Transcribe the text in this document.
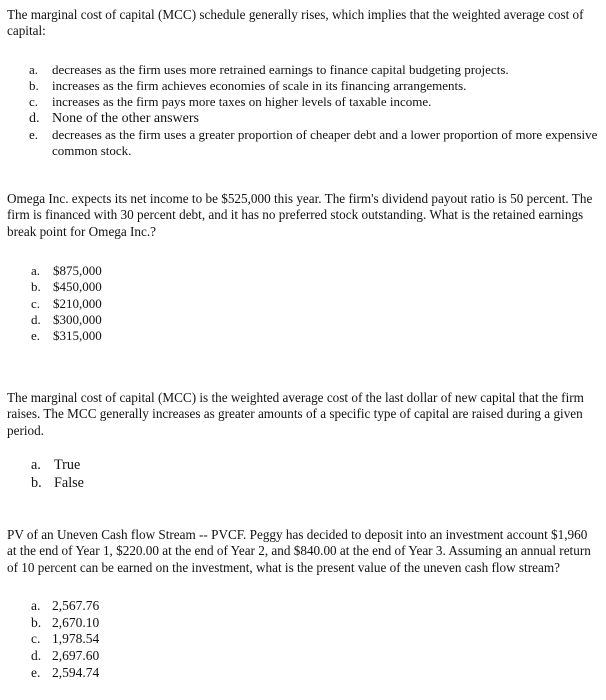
The marginal cost of capital (MCC) schedule generally rises, which implies that the weighted average cost of capital:

a.	decreases as the firm uses more retrained earnings to finance capital budgeting projects.
b.	increases as the firm achieves economies of scale in its financing arrangements.
c.	increases as the firm pays more taxes on higher levels of taxable income.
d. None of the other answers
e.	decreases as the firm uses a greater proportion of cheaper debt and a lower proportion of more expensive common stock.

Omega Inc. expects its net income to be $525,000 this year. The firm's dividend payout ratio is 50 percent. The firm is financed with 30 percent debt, and it has no preferred stock outstanding. What is the retained earnings break point for Omega Inc.?

a. $875,000
b. $450,000
c. $210,000
d. $300,000
e. $315,000

The marginal cost of capital (MCC) is the weighted average cost of the last dollar of new capital that the firm raises. The MCC generally increases as greater amounts of a specific type of capital are raised during a given period.

a. True
b. False

PV of an Uneven Cash flow Stream -- PVCF. Peggy has decided to deposit into an investment account $1,960 at the end of Year 1, $220.00 at the end of Year 2, and $840.00 at the end of Year 3. Assuming an annual return of 10 percent can be earned on the investment, what is the present value of the uneven cash flow stream?

a. 2,567.76
b. 2,670.10
c. 1,978.54
d. 2,697.60
e. 2,594.74
